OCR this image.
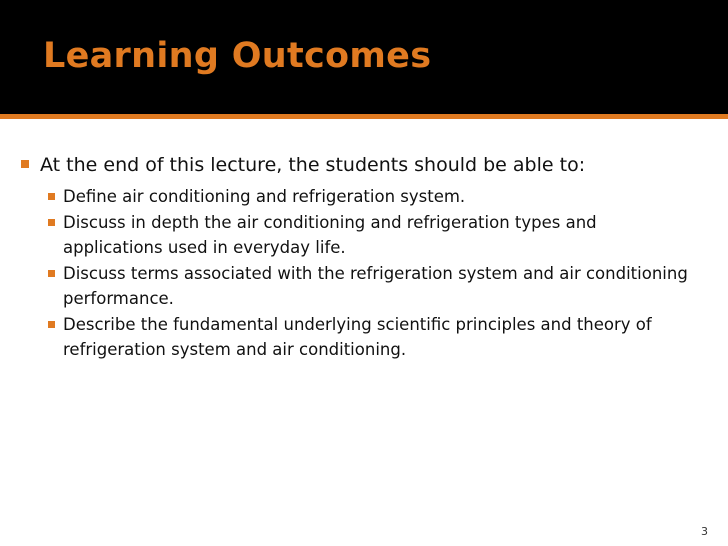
Learning Outcomes
At the end of this lecture, the students should be able to:
Define air conditioning and refrigeration system.
Discuss in depth the air conditioning and refrigeration types and applications used in everyday life.
Discuss terms associated with the refrigeration system and air conditioning performance.
Describe the fundamental underlying scientific principles and theory of refrigeration system and air conditioning.
3
